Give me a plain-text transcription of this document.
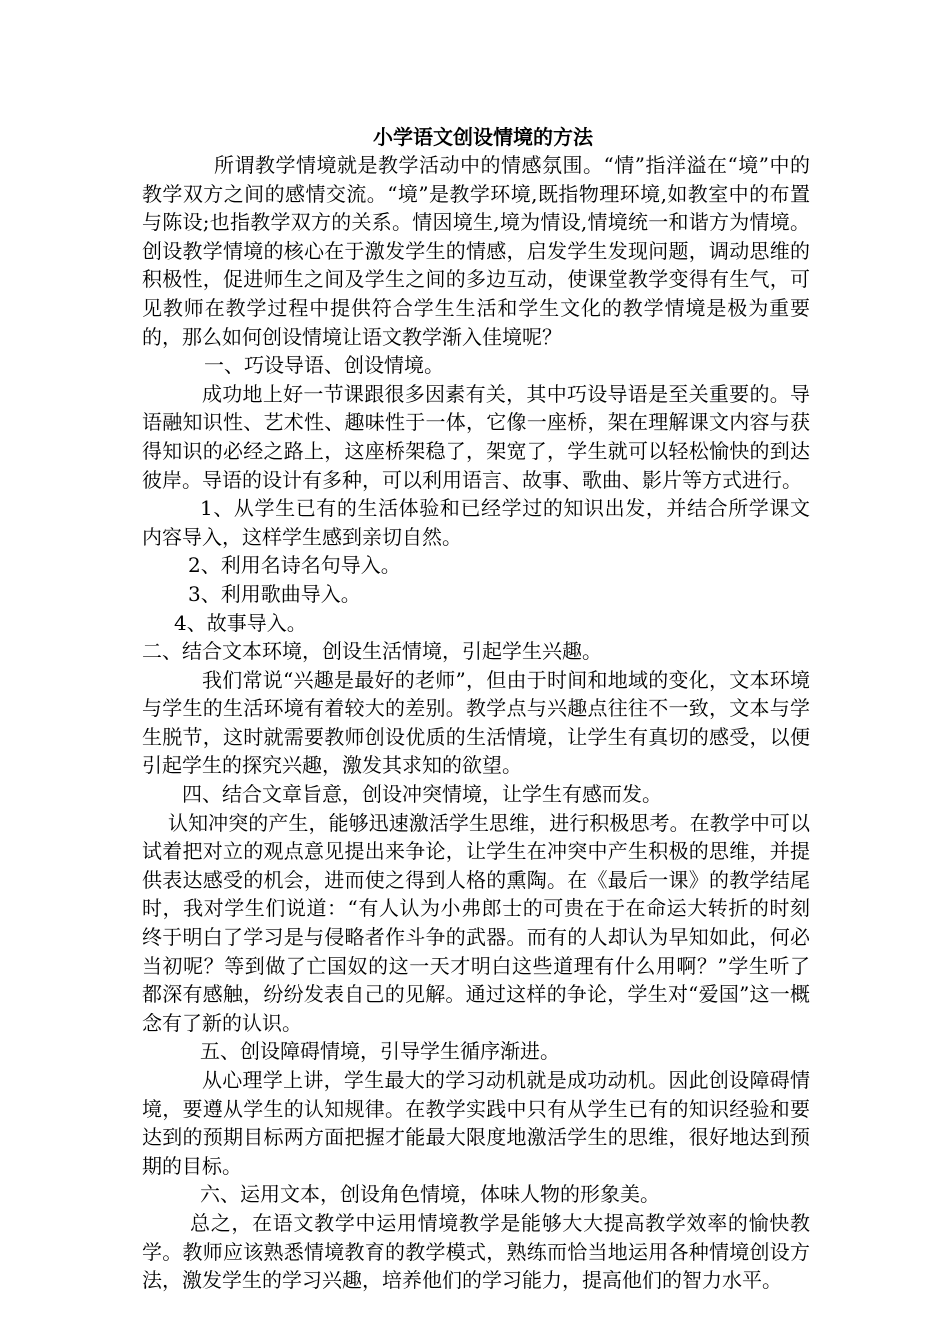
小学语文创设情境的方法

所谓教学情境就是教学活动中的情感氛围。“情”指洋溢在“境”中的教学双方之间的感情交流。“境”是教学环境,既指物理环境,如教室中的布置与陈设;也指教学双方的关系。情因境生,境为情设,情境统一和谐方为情境。创设教学情境的核心在于激发学生的情感，启发学生发现问题，调动思维的积极性，促进师生之间及学生之间的多边互动，使课堂教学变得有生气，可见教师在教学过程中提供符合学生生活和学生文化的教学情境是极为重要的，那么如何创设情境让语文教学渐入佳境呢？

一、巧设导语、创设情境。

成功地上好一节课跟很多因素有关，其中巧设导语是至关重要的。导语融知识性、艺术性、趣味性于一体，它像一座桥，架在理解课文内容与获得知识的必经之路上，这座桥架稳了，架宽了，学生就可以轻松愉快的到达彼岸。导语的设计有多种，可以利用语言、故事、歌曲、影片等方式进行。

1、从学生已有的生活体验和已经学过的知识出发，并结合所学课文内容导入，这样学生感到亲切自然。

2、利用名诗名句导入。

3、利用歌曲导入。

4、故事导入。

二、结合文本环境，创设生活情境，引起学生兴趣。

我们常说“兴趣是最好的老师”，但由于时间和地域的变化，文本环境与学生的生活环境有着较大的差别。教学点与兴趣点往往不一致，文本与学生脱节，这时就需要教师创设优质的生活情境，让学生有真切的感受，以便引起学生的探究兴趣，激发其求知的欲望。

四、结合文章旨意，创设冲突情境，让学生有感而发。

认知冲突的产生，能够迅速激活学生思维，进行积极思考。在教学中可以试着把对立的观点意见提出来争论，让学生在冲突中产生积极的思维，并提供表达感受的机会，进而使之得到人格的熏陶。在《最后一课》的教学结尾时，我对学生们说道：“有人认为小弗郎士的可贵在于在命运大转折的时刻终于明白了学习是与侵略者作斗争的武器。而有的人却认为早知如此，何必当初呢？等到做了亡国奴的这一天才明白这些道理有什么用啊？”学生听了都深有感触，纷纷发表自己的见解。通过这样的争论，学生对“爱国”这一概念有了新的认识。

五、创设障碍情境，引导学生循序渐进。

从心理学上讲，学生最大的学习动机就是成功动机。因此创设障碍情境，要遵从学生的认知规律。在教学实践中只有从学生已有的知识经验和要达到的预期目标两方面把握才能最大限度地激活学生的思维，很好地达到预期的目标。

六、运用文本，创设角色情境，体味人物的形象美。

总之，在语文教学中运用情境教学是能够大大提高教学效率的愉快教学。教师应该熟悉情境教育的教学模式，熟练而恰当地运用各种情境创设方法，激发学生的学习兴趣，培养他们的学习能力，提高他们的智力水平。
